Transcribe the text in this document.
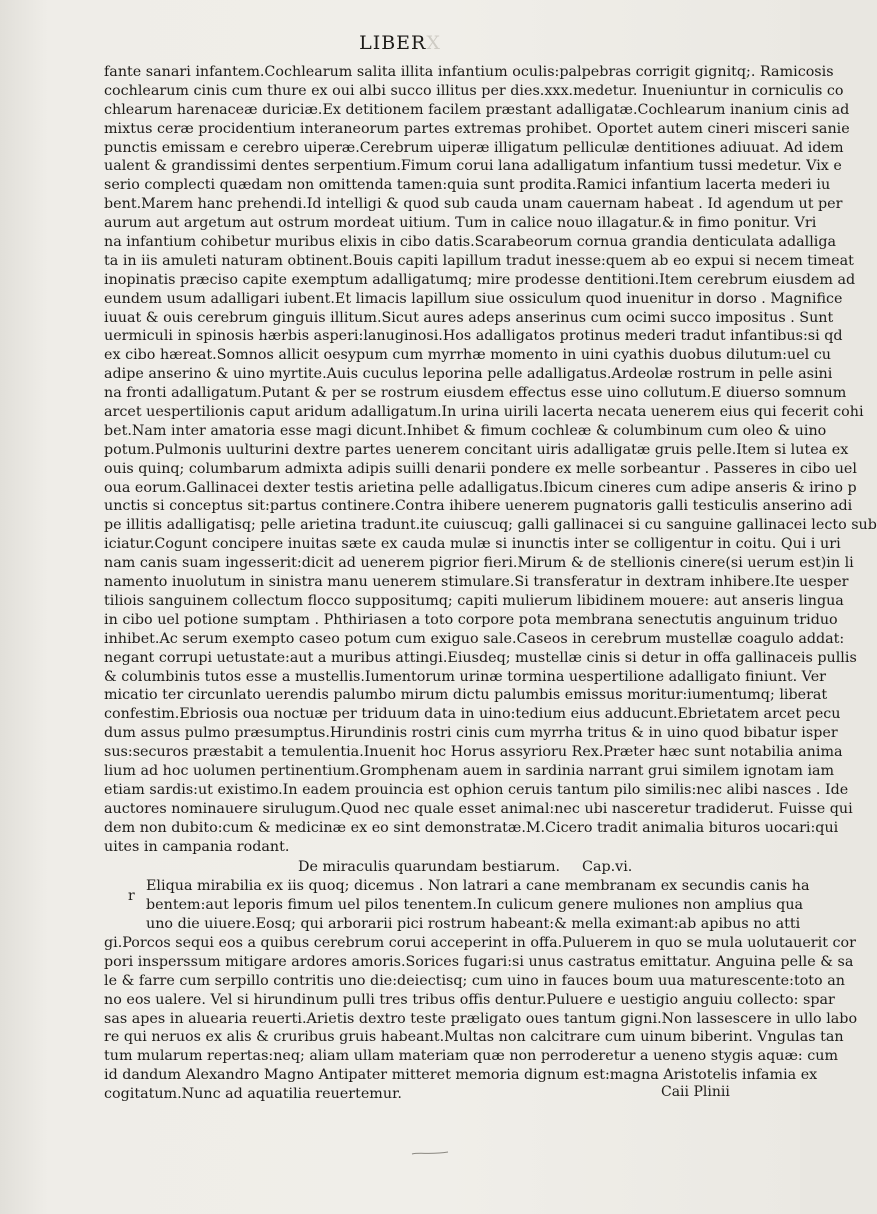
LIBERX
fante sanari infantem.Cochlearum salita illita infantium oculis:palpebras corrigit gignitq;. Ramicosis
cochlearum cinis cum thure ex oui albi succo illitus per dies.xxx.medetur. Inueniuntur in corniculis co
chlearum harenaceæ duriciæ.Ex detitionem facilem præstant adalligatæ.Cochlearum inanium cinis ad
mixtus ceræ procidentium interaneorum partes extremas prohibet. Oportet autem cineri misceri sanie
punctis emissam e cerebro uiperæ.Cerebrum uiperæ illigatum pelliculæ dentitiones adiuuat. Ad idem
ualent & grandissimi dentes serpentium.Fimum corui lana adalligatum infantium tussi medetur. Vix e
serio complecti quædam non omittenda tamen:quia sunt prodita.Ramici infantium lacerta mederi iu
bent.Marem hanc prehendi.Id intelligi & quod sub cauda unam cauernam habeat . Id agendum ut per
aurum aut argetum aut ostrum mordeat uitium. Tum in calice nouo illagatur.& in fimo ponitur. Vri
na infantium cohibetur muribus elixis in cibo datis.Scarabeorum cornua grandia denticulata adalliga
ta in iis amuleti naturam obtinent.Bouis capiti lapillum tradut inesse:quem ab eo expui si necem timeat
inopinatis præciso capite exemptum adalligatumq; mire prodesse dentitioni.Item cerebrum eiusdem ad
eundem usum adalligari iubent.Et limacis lapillum siue ossiculum quod inuenitur in dorso . Magnifice
iuuat & ouis cerebrum ginguis illitum.Sicut aures adeps anserinus cum ocimi succo impositus . Sunt
uermiculi in spinosis hærbis asperi:lanuginosi.Hos adalligatos protinus mederi tradut infantibus:si qd
ex cibo hæreat.Somnos allicit oesypum cum myrrhæ momento in uini cyathis duobus dilutum:uel cu
adipe anserino & uino myrtite.Auis cuculus leporina pelle adalligatus.Ardeolæ rostrum in pelle asini
na fronti adalligatum.Putant & per se rostrum eiusdem effectus esse uino collutum.E diuerso somnum
arcet uespertilionis caput aridum adalligatum.In urina uirili lacerta necata uenerem eius qui fecerit cohi
bet.Nam inter amatoria esse magi dicunt.Inhibet & fimum cochleæ & columbinum cum oleo & uino
potum.Pulmonis uulturini dextre partes uenerem concitant uiris adalligatæ gruis pelle.Item si lutea ex
ouis quinq; columbarum admixta adipis suilli denarii pondere ex melle sorbeantur . Passeres in cibo uel
oua eorum.Gallinacei dexter testis arietina pelle adalligatus.Ibicum cineres cum adipe anseris & irino p
unctis si conceptus sit:partus continere.Contra ihibere uenerem pugnatoris galli testiculis anserino adi
pe illitis adalligatisq; pelle arietina tradunt.ite cuiuscuq; galli gallinacei si cu sanguine gallinacei lecto sub
iciatur.Cogunt concipere inuitas sæte ex cauda mulæ si inunctis inter se colligentur in coitu. Qui i uri
nam canis suam ingesserit:dicit ad uenerem pigrior fieri.Mirum & de stellionis cinere(si uerum est)in li
namento inuolutum in sinistra manu uenerem stimulare.Si transferatur in dextram inhibere.Ite uesper
tiliois sanguinem collectum flocco suppositumq; capiti mulierum libidinem mouere: aut anseris lingua
in cibo uel potione sumptam . Phthiriasen a toto corpore pota membrana senectutis anguinum triduo
inhibet.Ac serum exempto caseo potum cum exiguo sale.Caseos in cerebrum mustellæ coagulo addat:
negant corrupi uetustate:aut a muribus attingi.Eiusdeq; mustellæ cinis si detur in offa gallinaceis pullis
& columbinis tutos esse a mustellis.Iumentorum urinæ tormina uespertilione adalligato finiunt. Ver
micatio ter circunlato uerendis palumbo mirum dictu palumbis emissus moritur:iumentumq; liberat
confestim.Ebriosis oua noctuæ per triduum data in uino:tedium eius adducunt.Ebrietatem arcet pecu
dum assus pulmo præsumptus.Hirundinis rostri cinis cum myrrha tritus & in uino quod bibatur isper
sus:securos præstabit a temulentia.Inuenit hoc Horus assyrioru Rex.Præter hæc sunt notabilia anima
lium ad hoc uolumen pertinentium.Gromphenam auem in sardinia narrant grui similem ignotam iam
etiam sardis:ut existimo.In eadem prouincia est ophion ceruis tantum pilo similis:nec alibi nasces . Ide
auctores nominauere sirulugum.Quod nec quale esset animal:nec ubi nasceretur tradiderut. Fuisse qui
dem non dubito:cum & medicinæ ex eo sint demonstratæ.M.Cicero tradit animalia bituros uocari:qui
uites in campania rodant.
De miraculis quarundam bestiarum. Cap.vi.
Eliqua mirabilia ex iis quoq; dicemus . Non latrari a cane membranam ex secundis canis ha
bentem:aut leporis fimum uel pilos tenentem.In culicum genere muliones non amplius qua
uno die uiuere.Eosq; qui arborarii pici rostrum habeant:& mella eximant:ab apibus no atti
gi.Porcos sequi eos a quibus cerebrum corui acceperint in offa.Puluerem in quo se mula uolutauerit cor
pori insperssum mitigare ardores amoris.Sorices fugari:si unus castratus emittatur. Anguina pelle & sa
le & farre cum serpillo contritis uno die:deiectisq; cum uino in fauces boum uua maturescente:toto an
no eos ualere. Vel si hirundinum pulli tres tribus offis dentur.Puluere e uestigio anguiu collecto: spar
sas apes in aluearia reuerti.Arietis dextro teste præligato oues tantum gigni.Non lassescere in ullo labo
re qui neruos ex alis & cruribus gruis habeant.Multas non calcitrare cum uinum biberint. Vngulas tan
tum mularum repertas:neq; aliam ullam materiam quæ non perroderetur a ueneno stygis aquæ: cum
id dandum Alexandro Magno Antipater mitteret memoria dignum est:magna Aristotelis infamia ex
cogitatum.Nunc ad aquatilia reuertemur.
r
Caii Plinii
